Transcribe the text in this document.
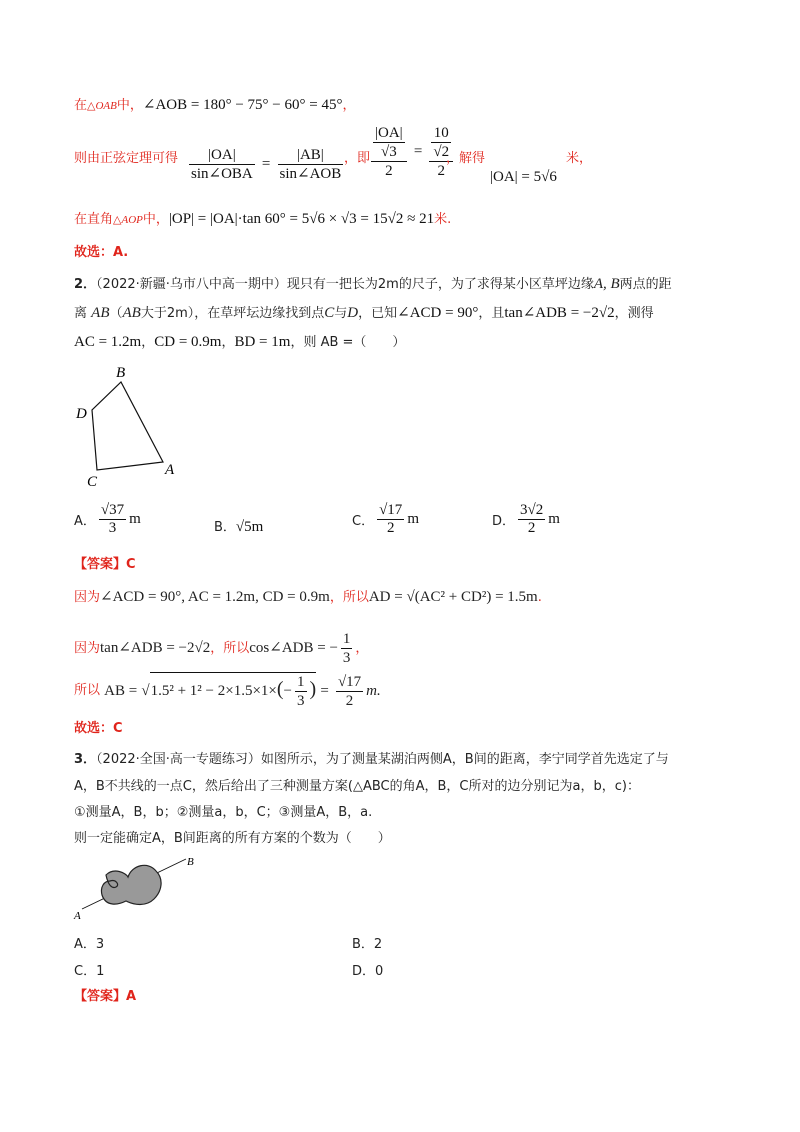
在△OAB中，∠AOB = 180° − 75° − 60° = 45°，
则由正弦定理可得 $\frac{|OA|}{\text{sin∠OBA}} = \frac{|AB|}{\text{sin∠AOB}}$ ，即 $\frac{\frac{|OA|}{√3}}{2} = \frac{\frac{10}{√2}}{2}$
，解得
|OA| = 5√6
米，
在直角△AOP中，|OP| = |OA|·tan 60° = 5√6 × √3 = 15√2 ≈ 21米.
故选：A.
2．（2022·新疆·乌市八中高一期中）现只有一把长为2m的尺子，为了求得某小区草坪边缘A, B两点的距
离 AB（AB大于2m），在草坪坛边缘找到点C与D，已知∠ACD = 90°，且tan∠ADB = −2√2，测得
AC = 1.2m，CD = 0.9m，BD = 1m，则 AB =（　　）
B
D
C
A
A． $\frac{√37}{3}$ m
B．√5m	C． $\frac{√17}{2}$ m	D． $\frac{3√2}{2}$ m
【答案】C
因为∠ACD = 90°, AC = 1.2m, CD = 0.9m，所以AD = √(AC² + CD²) = 1.5m.
因为tan∠ADB = −2√2，所以cos∠ADB = − $\frac{1}{3}$ ，
所以 AB = $√1.5^2 + 1^2 - 2\times 1.5\times 1\times(- \frac{1}{3}$ ) = $\frac{√17}{2} m$.
故选：C
3．（2022·全国·高一专题练习）如图所示，为了测量某湖泊两侧A，B间的距离，李宁同学首先选定了与
A，B不共线的一点C，然后给出了三种测量方案(△ABC的角A，B，C所对的边分别记为a，b，c)：
①测量A，B，b；②测量a，b，C；③测量A，B，a.
则一定能确定A，B间距离的所有方案的个数为（　　）
B
A
A．3	B．2
C．1	D．0
【答案】A
